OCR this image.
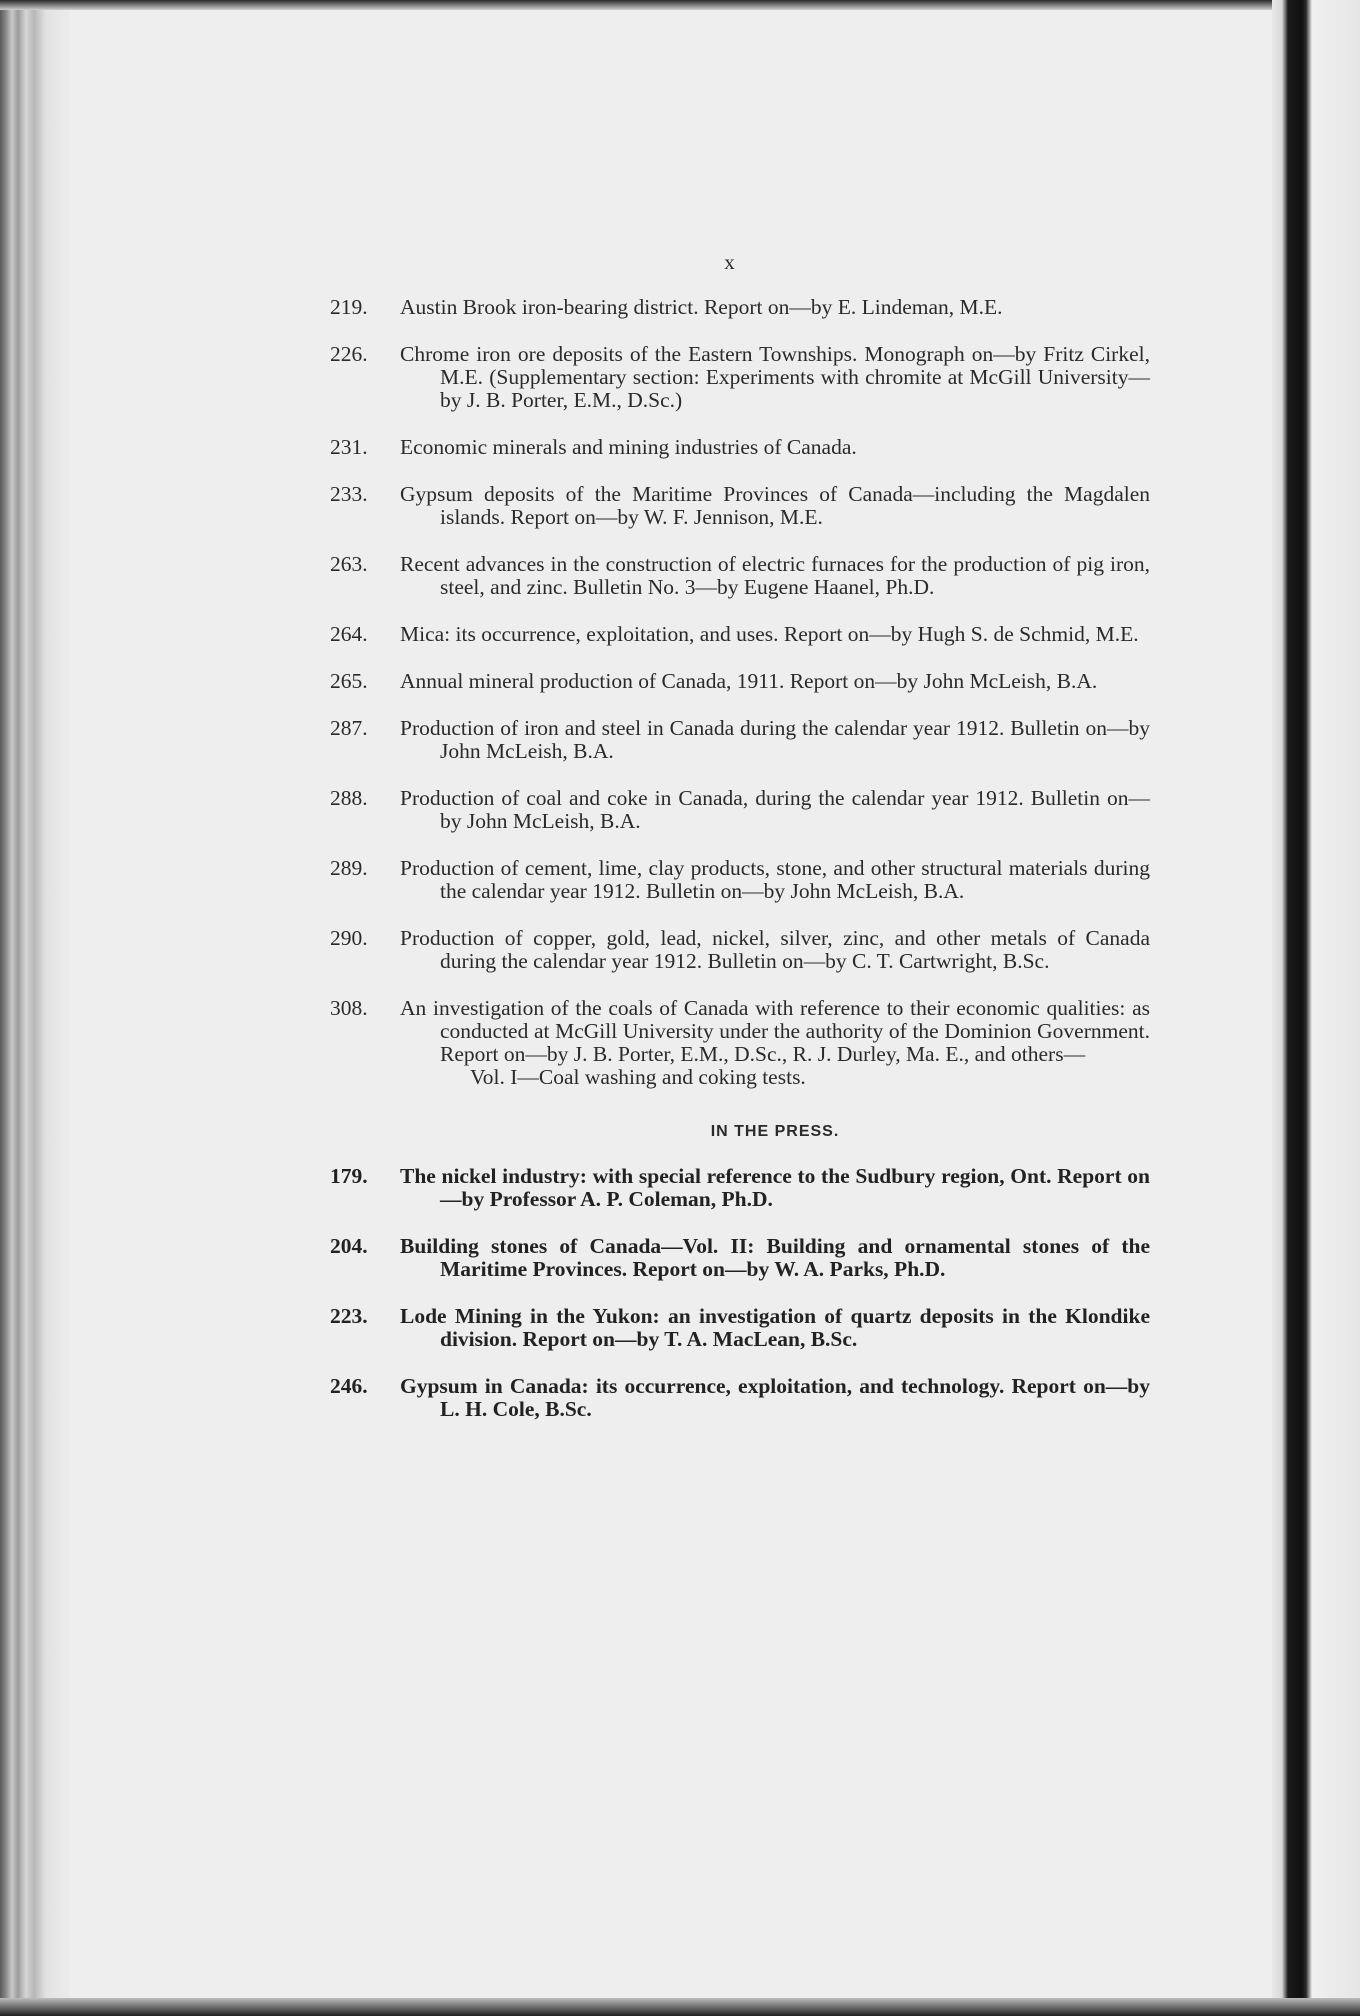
x
219. Austin Brook iron-bearing district. Report on—by E. Lindeman, M.E.
226. Chrome iron ore deposits of the Eastern Townships. Monograph on—by Fritz Cirkel, M.E. (Supplementary section: Experiments with chromite at McGill University—by J. B. Porter, E.M., D.Sc.)
231. Economic minerals and mining industries of Canada.
233. Gypsum deposits of the Maritime Provinces of Canada—including the Magdalen islands. Report on—by W. F. Jennison, M.E.
263. Recent advances in the construction of electric furnaces for the production of pig iron, steel, and zinc. Bulletin No. 3—by Eugene Haanel, Ph.D.
264. Mica: its occurrence, exploitation, and uses. Report on—by Hugh S. de Schmid, M.E.
265. Annual mineral production of Canada, 1911. Report on—by John McLeish, B.A.
287. Production of iron and steel in Canada during the calendar year 1912. Bulletin on—by John McLeish, B.A.
288. Production of coal and coke in Canada, during the calendar year 1912. Bulletin on—by John McLeish, B.A.
289. Production of cement, lime, clay products, stone, and other structural materials during the calendar year 1912. Bulletin on—by John McLeish, B.A.
290. Production of copper, gold, lead, nickel, silver, zinc, and other metals of Canada during the calendar year 1912. Bulletin on—by C. T. Cartwright, B.Sc.
308. An investigation of the coals of Canada with reference to their economic qualities: as conducted at McGill University under the authority of the Dominion Government. Report on—by J. B. Porter, E.M., D.Sc., R. J. Durley, Ma. E., and others—
Vol. I—Coal washing and coking tests.
IN THE PRESS.
179. The nickel industry: with special reference to the Sudbury region, Ont. Report on—by Professor A. P. Coleman, Ph.D.
204. Building stones of Canada—Vol. II: Building and ornamental stones of the Maritime Provinces. Report on—by W. A. Parks, Ph.D.
223. Lode Mining in the Yukon: an investigation of quartz deposits in the Klondike division. Report on—by T. A. MacLean, B.Sc.
246. Gypsum in Canada: its occurrence, exploitation, and technology. Report on—by L. H. Cole, B.Sc.
